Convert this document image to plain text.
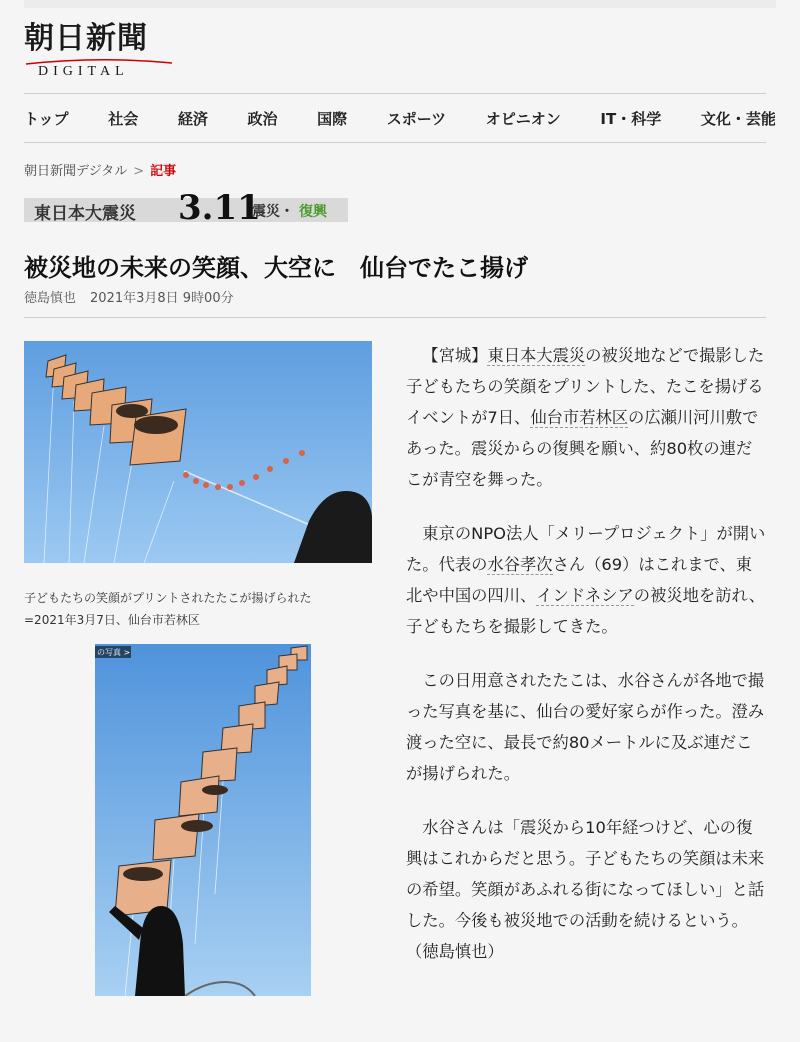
朝日新聞
DIGITAL
トップ	社会	経済	政治	国際	スポーツ	オピニオン	IT・科学	文化・芸能
朝日新聞デジタル > 記事
東日本大震災 3.11
震災・ 復興
被災地の未来の笑顔、大空に　仙台でたこ揚げ
徳島慎也 2021年3月8日 9時00分
子どもたちの笑顔がプリントされたたこが揚げられた=2021年3月7日、仙台市若林区
の写真 >

【宮城】東日本大震災の被災地などで撮影した子どもたちの笑顔をプリントした、たこを揚げるイベントが7日、仙台市若林区の広瀬川河川敷であった。震災からの復興を願い、約80枚の連だこが青空を舞った。

東京のNPO法人「メリープロジェクト」が開いた。代表の水谷孝次さん（69）はこれまで、東北や中国の四川、インドネシアの被災地を訪れ、子どもたちを撮影してきた。

この日用意されたたこは、水谷さんが各地で撮った写真を基に、仙台の愛好家らが作った。澄み渡った空に、最長で約80メートルに及ぶ連だこが揚げられた。

水谷さんは「震災から10年経つけど、心の復興はこれからだと思う。子どもたちの笑顔は未来の希望。笑顔があふれる街になってほしい」と話した。今後も被災地での活動を続けるという。（徳島慎也）
